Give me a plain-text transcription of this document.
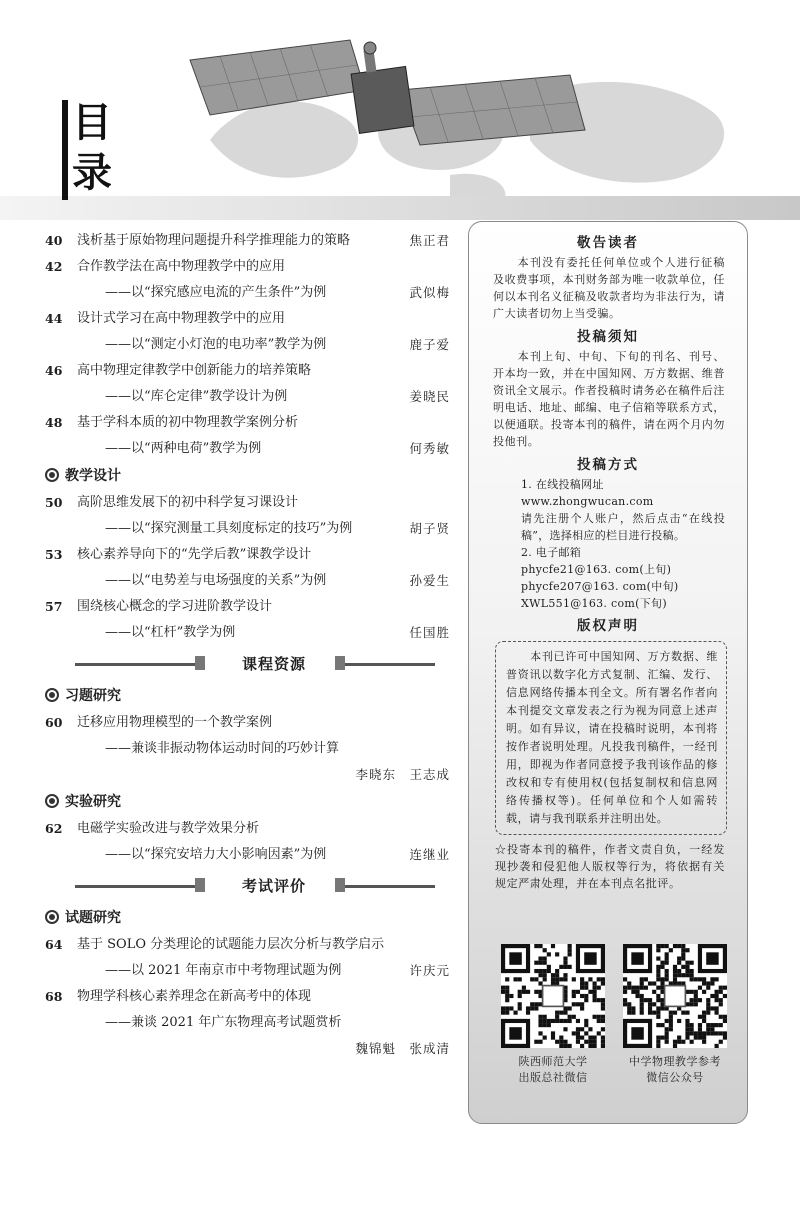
目
录
40	浅析基于原始物理问题提升科学推理能力的策略	焦正君
42	合作教学法在高中物理教学中的应用
——以“探究感应电流的产生条件”为例	武似梅
44	设计式学习在高中物理教学中的应用
——以“测定小灯泡的电功率”教学为例	鹿子爱
46	高中物理定律教学中创新能力的培养策略
——以“库仑定律”教学设计为例	姜晓民
48	基于学科本质的初中物理教学案例分析
——以“两种电荷”教学为例	何秀敏
教学设计
50	高阶思维发展下的初中科学复习课设计
——以“探究测量工具刻度标定的技巧”为例	胡子贤
53	核心素养导向下的“先学后教”课教学设计
——以“电势差与电场强度的关系”为例	孙爱生
57	围绕核心概念的学习进阶教学设计
——以“杠杆”教学为例	任国胜
课程资源
习题研究
60	迁移应用物理模型的一个教学案例
——兼谈非振动物体运动时间的巧妙计算
李晓东　王志成
实验研究
62	电磁学实验改进与教学效果分析
——以“探究安培力大小影响因素”为例	连继业
考试评价
试题研究
64	基于 SOLO 分类理论的试题能力层次分析与教学启示
——以 2021 年南京市中考物理试题为例	许庆元
68	物理学科核心素养理念在新高考中的体现
——兼谈 2021 年广东物理高考试题赏析
魏锦魁　张成清
敬告读者
本刊没有委托任何单位或个人进行征稿及收费事项，本刊财务部为唯一收款单位，任何以本刊名义征稿及收款者均为非法行为，请广大读者切勿上当受骗。
投稿须知
本刊上旬、中旬、下旬的刊名、刊号、开本均一致，并在中国知网、万方数据、维普资讯全文展示。作者投稿时请务必在稿件后注明电话、地址、邮编、电子信箱等联系方式，以便通联。投寄本刊的稿件，请在两个月内勿投他刊。
投稿方式
1. 在线投稿网址
www.zhongwucan.com
请先注册个人账户，然后点击“在线投稿”，选择相应的栏目进行投稿。
2. 电子邮箱
phycfe21@163. com(上旬)
phycfe207@163. com(中旬)
XWL551@163. com(下旬)
版权声明
本刊已许可中国知网、万方数据、维普资讯以数字化方式复制、汇编、发行、信息网络传播本刊全文。所有署名作者向本刊提交文章发表之行为视为同意上述声明。如有异议，请在投稿时说明，本刊将按作者说明处理。凡投我刊稿件，一经刊用，即视为作者同意授予我刊该作品的修改权和专有使用权(包括复制权和信息网络传播权等)。任何单位和个人如需转载，请与我刊联系并注明出处。
☆投寄本刊的稿件，作者文责自负，一经发现抄袭和侵犯他人版权等行为，将依据有关规定严肃处理，并在本刊点名批评。
陕西师范大学
出版总社微信
中学物理教学参考
微信公众号
